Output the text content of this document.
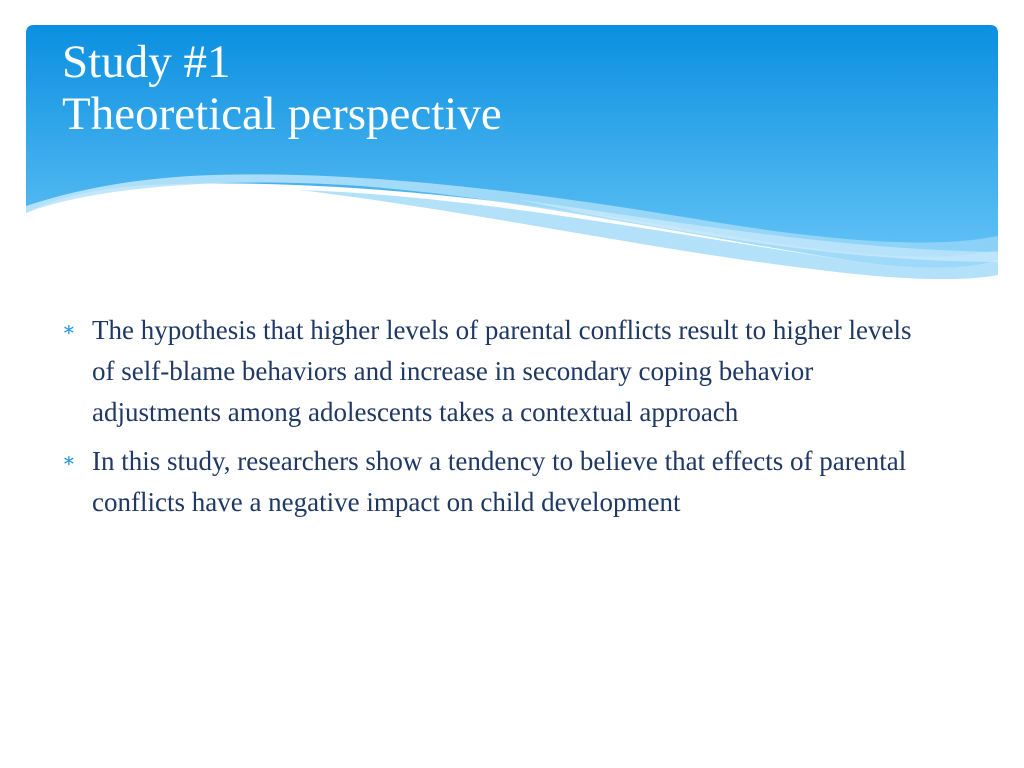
Study #1
Theoretical perspective
∗ The hypothesis that higher levels of parental conflicts result to higher levels of self-blame behaviors and increase in secondary coping behavior adjustments among adolescents takes a contextual approach
∗ In this study, researchers show a tendency to believe that effects of parental conflicts have a negative impact on child development
